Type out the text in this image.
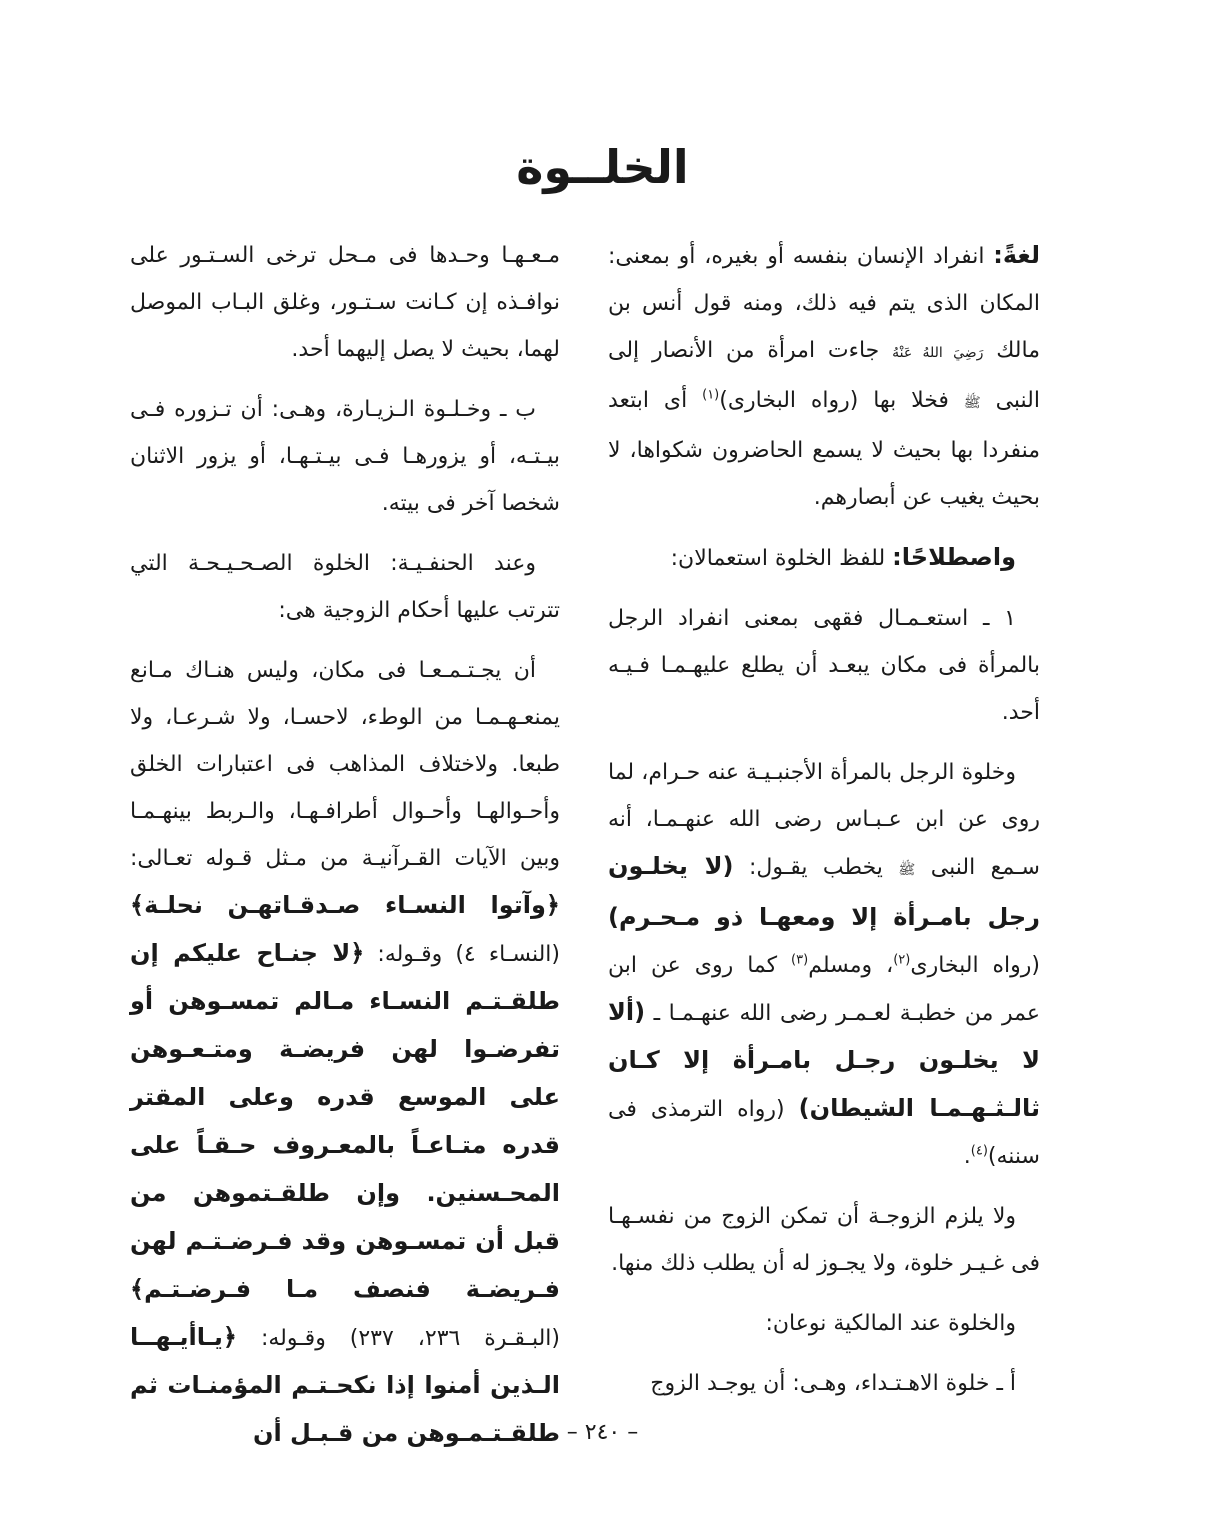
الخلــوة

لغةً: انفراد الإنسان بنفسه أو بغيره، أو بمعنى: المكان الذى يتم فيه ذلك، ومنه قول أنس بن مالك رَضِيَ اللهُ عَنْهُ جاءت امرأة من الأنصار إلى النبى ﷺ فخلا بها (رواه البخارى)$^{(١)}$ أى ابتعد منفردا بها بحيث لا يسمع الحاضرون شكواها، لا بحيث يغيب عن أبصارهم.

واصطلاحًا: للفظ الخلوة استعمالان:

١ ـ استعـمـال فقهى بمعنى انفراد الرجل بالمرأة فى مكان يبعـد أن يطلع عليهـمـا فـيـه أحد.

وخلوة الرجل بالمرأة الأجنبـيـة عنه حـرام، لما روى عن ابن عـبـاس رضى الله عنهـمـا، أنه سـمع النبى ﷺ يخطب يقـول: (لا يخلـون رجل بامـرأة إلا ومعهـا ذو مـحـرم) (رواه البخارى$^{(٢)}$، ومسلم$^{(٣)}$ كما روى عن ابن عمر من خطبـة لعـمـر رضى الله عنهـمـا ـ (ألا لا يخلـون رجـل بامـرأة إلا كـان ثالـثـهـمـا الشيطان) (رواه الترمذى فى سننه)$^{(٤)}$.

ولا يلزم الزوجـة أن تمكن الزوج من نفسـهـا فى غـيـر خلوة، ولا يجـوز له أن يطلب ذلك منها.

والخلوة عند المالكية نوعان:

أ ـ خلوة الاهـتـداء، وهـى: أن يوجـد الزوج

مـعـهـا وحـدها فى مـحل ترخى السـتـور على نوافـذه إن كـانت سـتـور، وغلق البـاب الموصل لهما، بحيث لا يصل إليهما أحد.

ب ـ وخـلـوة الـزيـارة، وهـى: أن تـزوره فـى بيـتـه، أو يزورهـا فـى بيـتـهـا، أو يزور الاثنان شخصا آخر فى بيته.

وعند الحنفـيـة: الخلوة الصـحـيـحـة التي تترتب عليها أحكام الزوجية هى:

أن يجـتـمـعـا فى مكان، وليس هنـاك مـانع يمنعـهـمـا من الوطء، لاحسـا، ولا شـرعـا، ولا طبعا. ولاختلاف المذاهب فى اعتبارات الخلق وأحـوالهـا وأحـوال أطرافـهـا، والـربط بينهـمـا وبين الآيات القـرآنيـة من مـثل قـوله تعـالى: ﴿وآتوا النسـاء صـدقـاتهـن نحلـة﴾ (النسـاء ٤) وقـوله: ﴿لا جنـاح عليكم إن طلقـتـم النسـاء مـالم تمسـوهن أو تفرضـوا لهن فريضـة ومتـعـوهن على الموسع قدره وعلى المقتر قدره متـاعـاً بالمعـروف حـقـاً على المحـسنين. وإن طلقـتموهن من قبل أن تمسـوهن وقد فـرضـتـم لهن فـريضـة فنصف مـا فـرضـتـم﴾ (البـقـرة ٢٣٦، ٢٣٧) وقـوله: ﴿يـاأيـهــا الـذين أمنوا إذا نكحـتـم المؤمنـات ثم طلقـتـمـوهن من قـبـل أن – ٢٤٠ –
